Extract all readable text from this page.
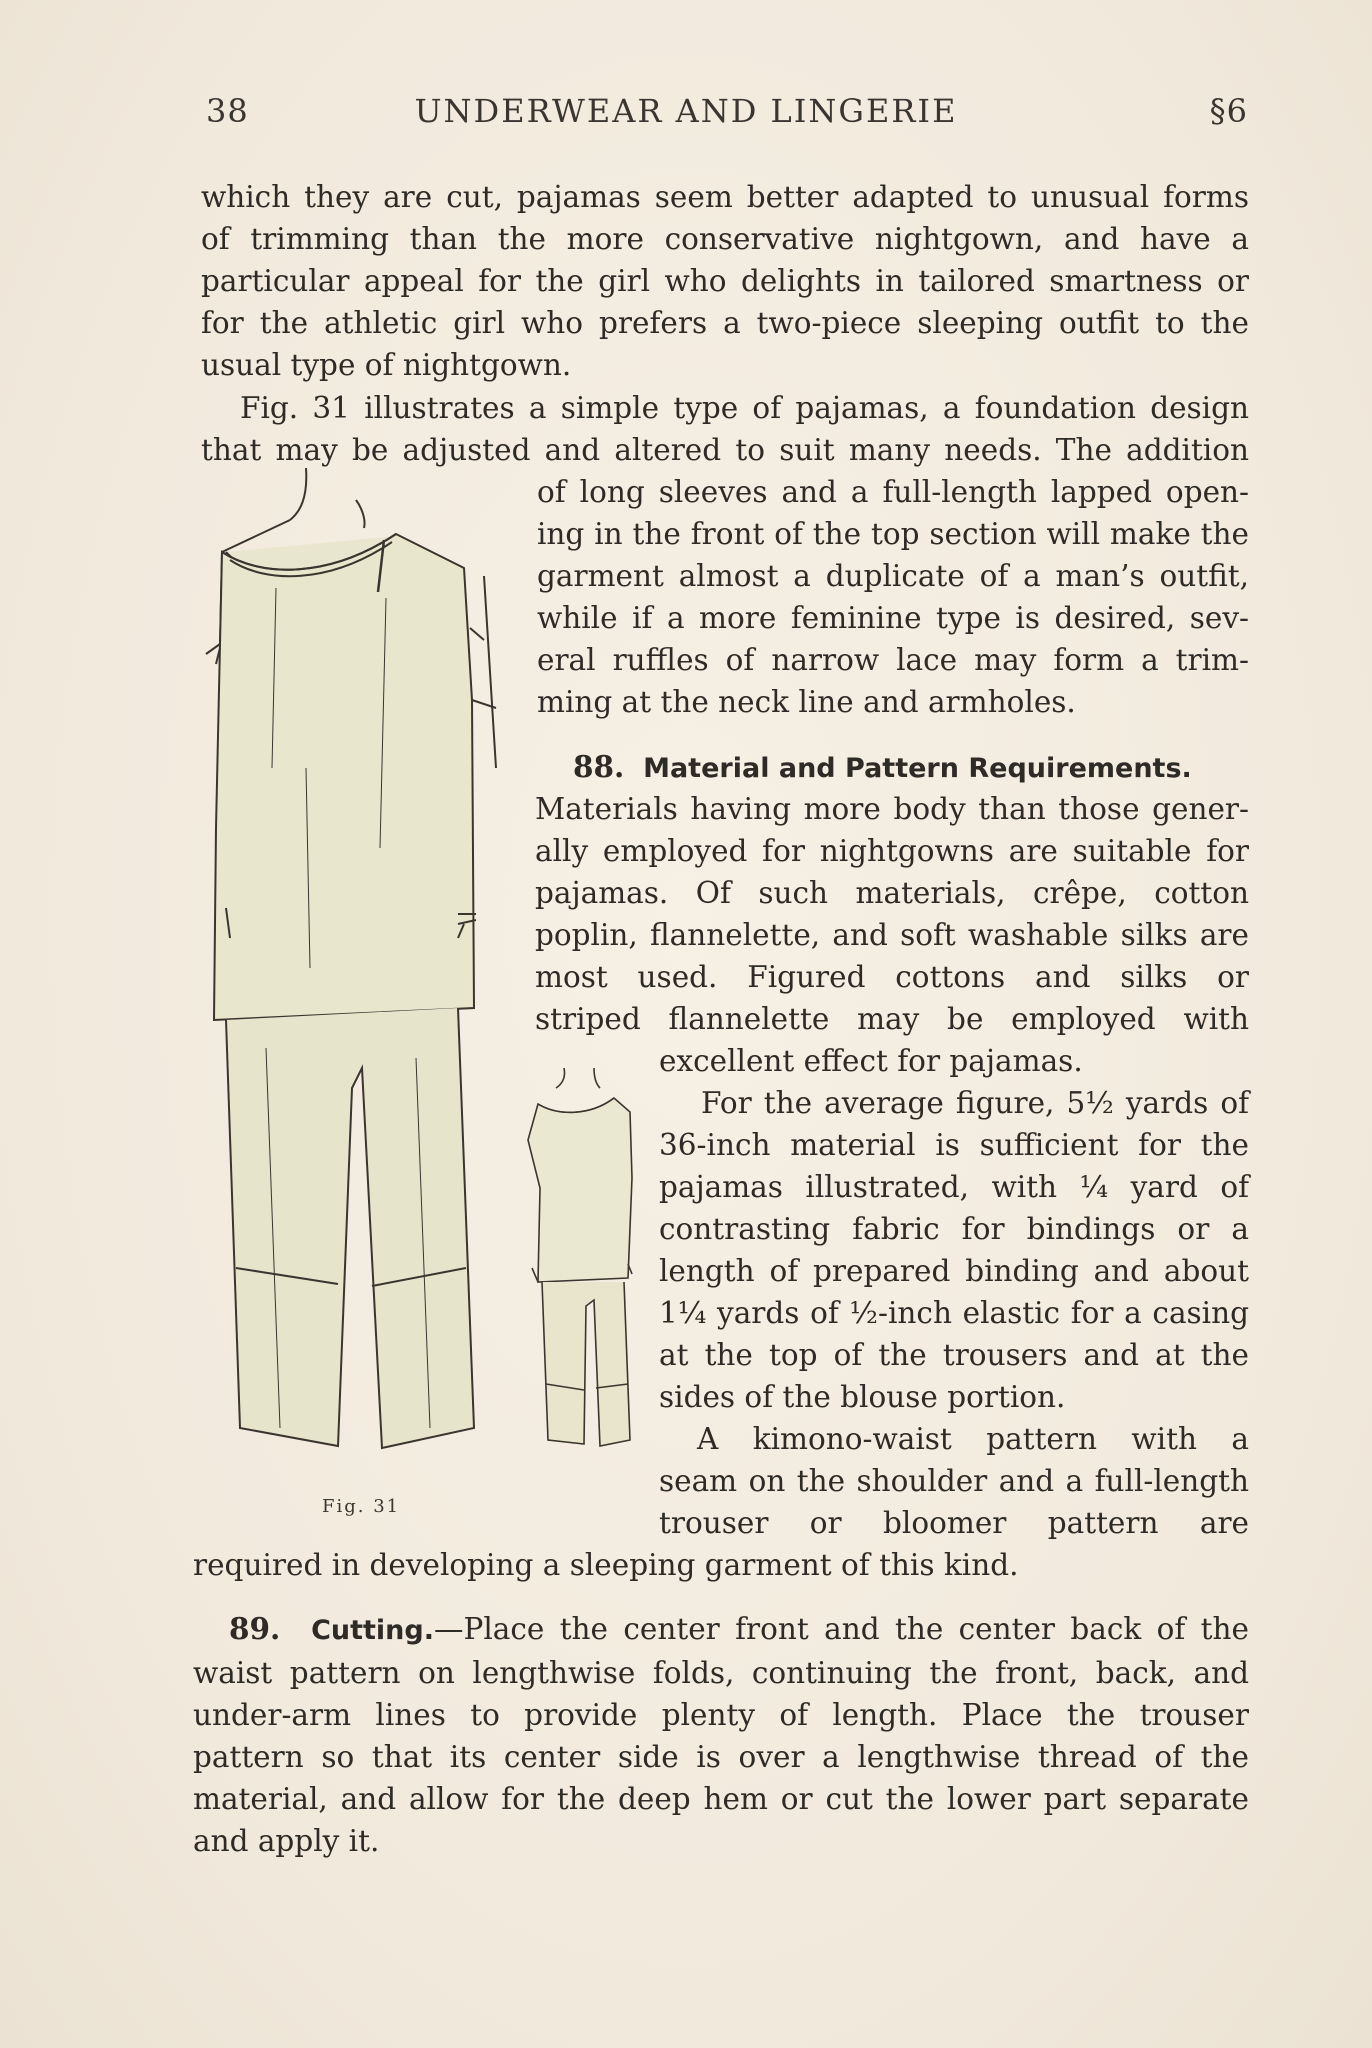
38	UNDERWEAR AND LINGERIE	§6

which they are cut, pajamas seem better adapted to unusual forms
of trimming than the more conservative nightgown, and have a
particular appeal for the girl who delights in tailored smartness or
for the athletic girl who prefers a two-piece sleeping outfit to the
usual type of nightgown.

Fig. 31 illustrates a simple type of pajamas, a foundation design

that may be adjusted and altered to suit many needs. The addition

of long sleeves and a full-length lapped open-
ing in the front of the top section will make the
garment almost a duplicate of a man’s outfit,
while if a more feminine type is desired, sev-
eral ruffles of narrow lace may form a trim-
ming at the neck line and armholes.

88. Material and Pattern Requirements.

Materials having more body than those gener-
ally employed for nightgowns are suitable for
pajamas. Of such materials, crêpe, cotton
poplin, flannelette, and soft washable silks are
most used. Figured cottons and silks or
striped flannelette may be employed with

excellent effect for pajamas.

For the average figure, 5½ yards of
36-inch material is sufficient for the
pajamas illustrated, with ¼ yard of
contrasting fabric for bindings or a
length of prepared binding and about
1¼ yards of ½-inch elastic for a casing
at the top of the trousers and at the
sides of the blouse portion.

A kimono-waist pattern with a
seam on the shoulder and a full-length
trouser or bloomer pattern are

required in developing a sleeping garment of this kind.

89. Cutting.—Place the center front and the center back of the
waist pattern on lengthwise folds, continuing the front, back, and
under-arm lines to provide plenty of length. Place the trouser
pattern so that its center side is over a lengthwise thread of the
material, and allow for the deep hem or cut the lower part separate
and apply it.

Fig. 31
